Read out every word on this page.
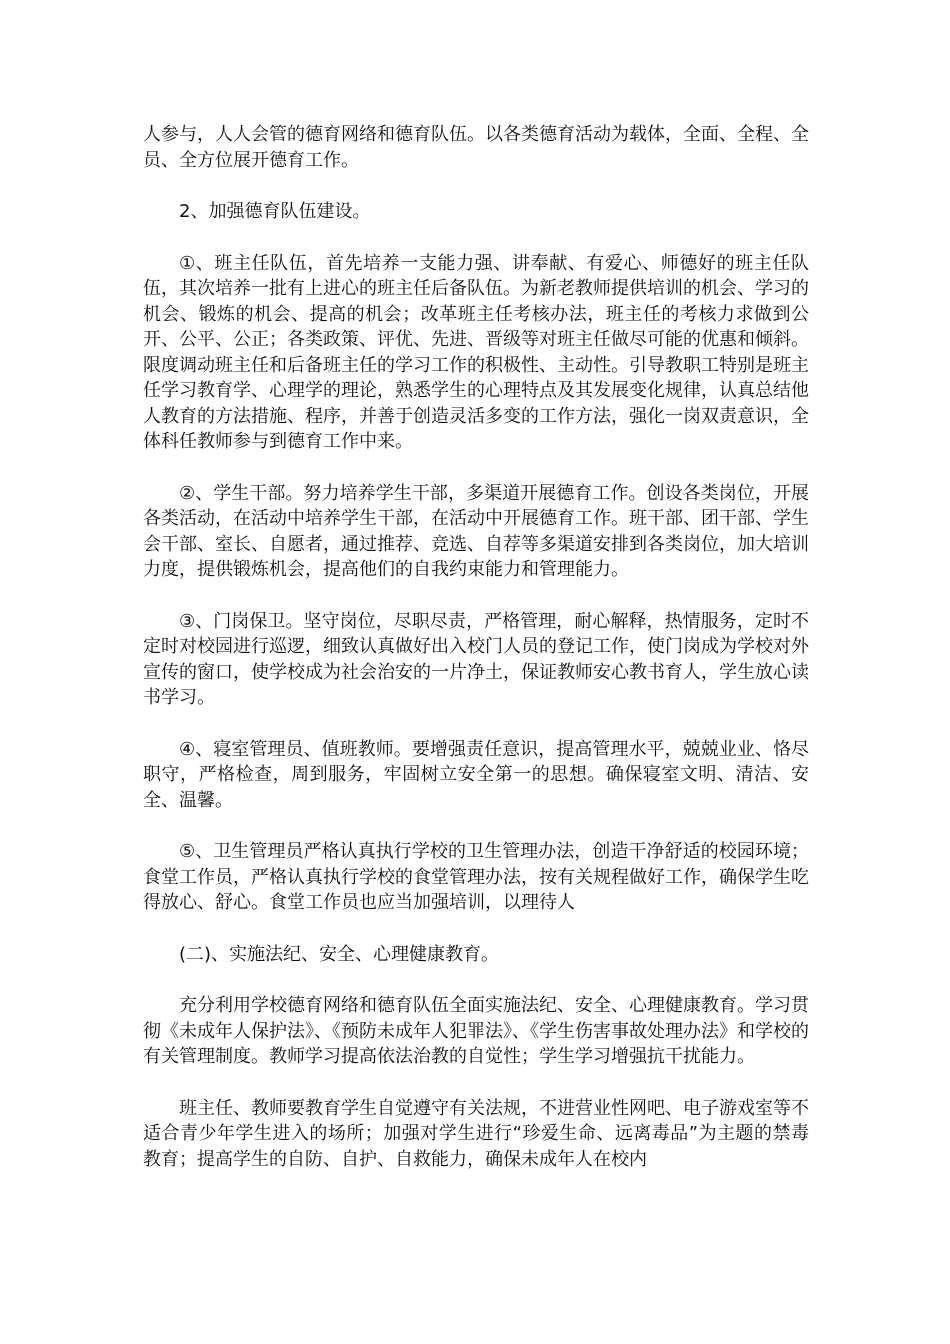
人参与，人人会管的德育网络和德育队伍。以各类德育活动为载体，全面、全程、全员、全方位展开德育工作。

2、加强德育队伍建设。

①、班主任队伍，首先培养一支能力强、讲奉献、有爱心、师德好的班主任队伍，其次培养一批有上进心的班主任后备队伍。为新老教师提供培训的机会、学习的机会、锻炼的机会、提高的机会；改革班主任考核办法，班主任的考核力求做到公开、公平、公正；各类政策、评优、先进、晋级等对班主任做尽可能的优惠和倾斜。限度调动班主任和后备班主任的学习工作的积极性、主动性。引导教职工特别是班主任学习教育学、心理学的理论，熟悉学生的心理特点及其发展变化规律，认真总结他人教育的方法措施、程序，并善于创造灵活多变的工作方法，强化一岗双责意识，全体科任教师参与到德育工作中来。

②、学生干部。努力培养学生干部，多渠道开展德育工作。创设各类岗位，开展各类活动，在活动中培养学生干部，在活动中开展德育工作。班干部、团干部、学生会干部、室长、自愿者，通过推荐、竞选、自荐等多渠道安排到各类岗位，加大培训力度，提供锻炼机会，提高他们的自我约束能力和管理能力。

③、门岗保卫。坚守岗位，尽职尽责，严格管理，耐心解释，热情服务，定时不定时对校园进行巡逻，细致认真做好出入校门人员的登记工作，使门岗成为学校对外宣传的窗口，使学校成为社会治安的一片净土，保证教师安心教书育人，学生放心读书学习。

④、寝室管理员、值班教师。要增强责任意识，提高管理水平，兢兢业业、恪尽职守，严格检查，周到服务，牢固树立安全第一的思想。确保寝室文明、清洁、安全、温馨。

⑤、卫生管理员严格认真执行学校的卫生管理办法，创造干净舒适的校园环境；食堂工作员，严格认真执行学校的食堂管理办法，按有关规程做好工作，确保学生吃得放心、舒心。食堂工作员也应当加强培训，以理待人

(二)、实施法纪、安全、心理健康教育。

充分利用学校德育网络和德育队伍全面实施法纪、安全、心理健康教育。学习贯彻《未成年人保护法》、《预防未成年人犯罪法》、《学生伤害事故处理办法》和学校的有关管理制度。教师学习提高依法治教的自觉性；学生学习增强抗干扰能力。

班主任、教师要教育学生自觉遵守有关法规，不进营业性网吧、电子游戏室等不适合青少年学生进入的场所；加强对学生进行“珍爱生命、远离毒品”为主题的禁毒教育；提高学生的自防、自护、自救能力，确保未成年人在校内
